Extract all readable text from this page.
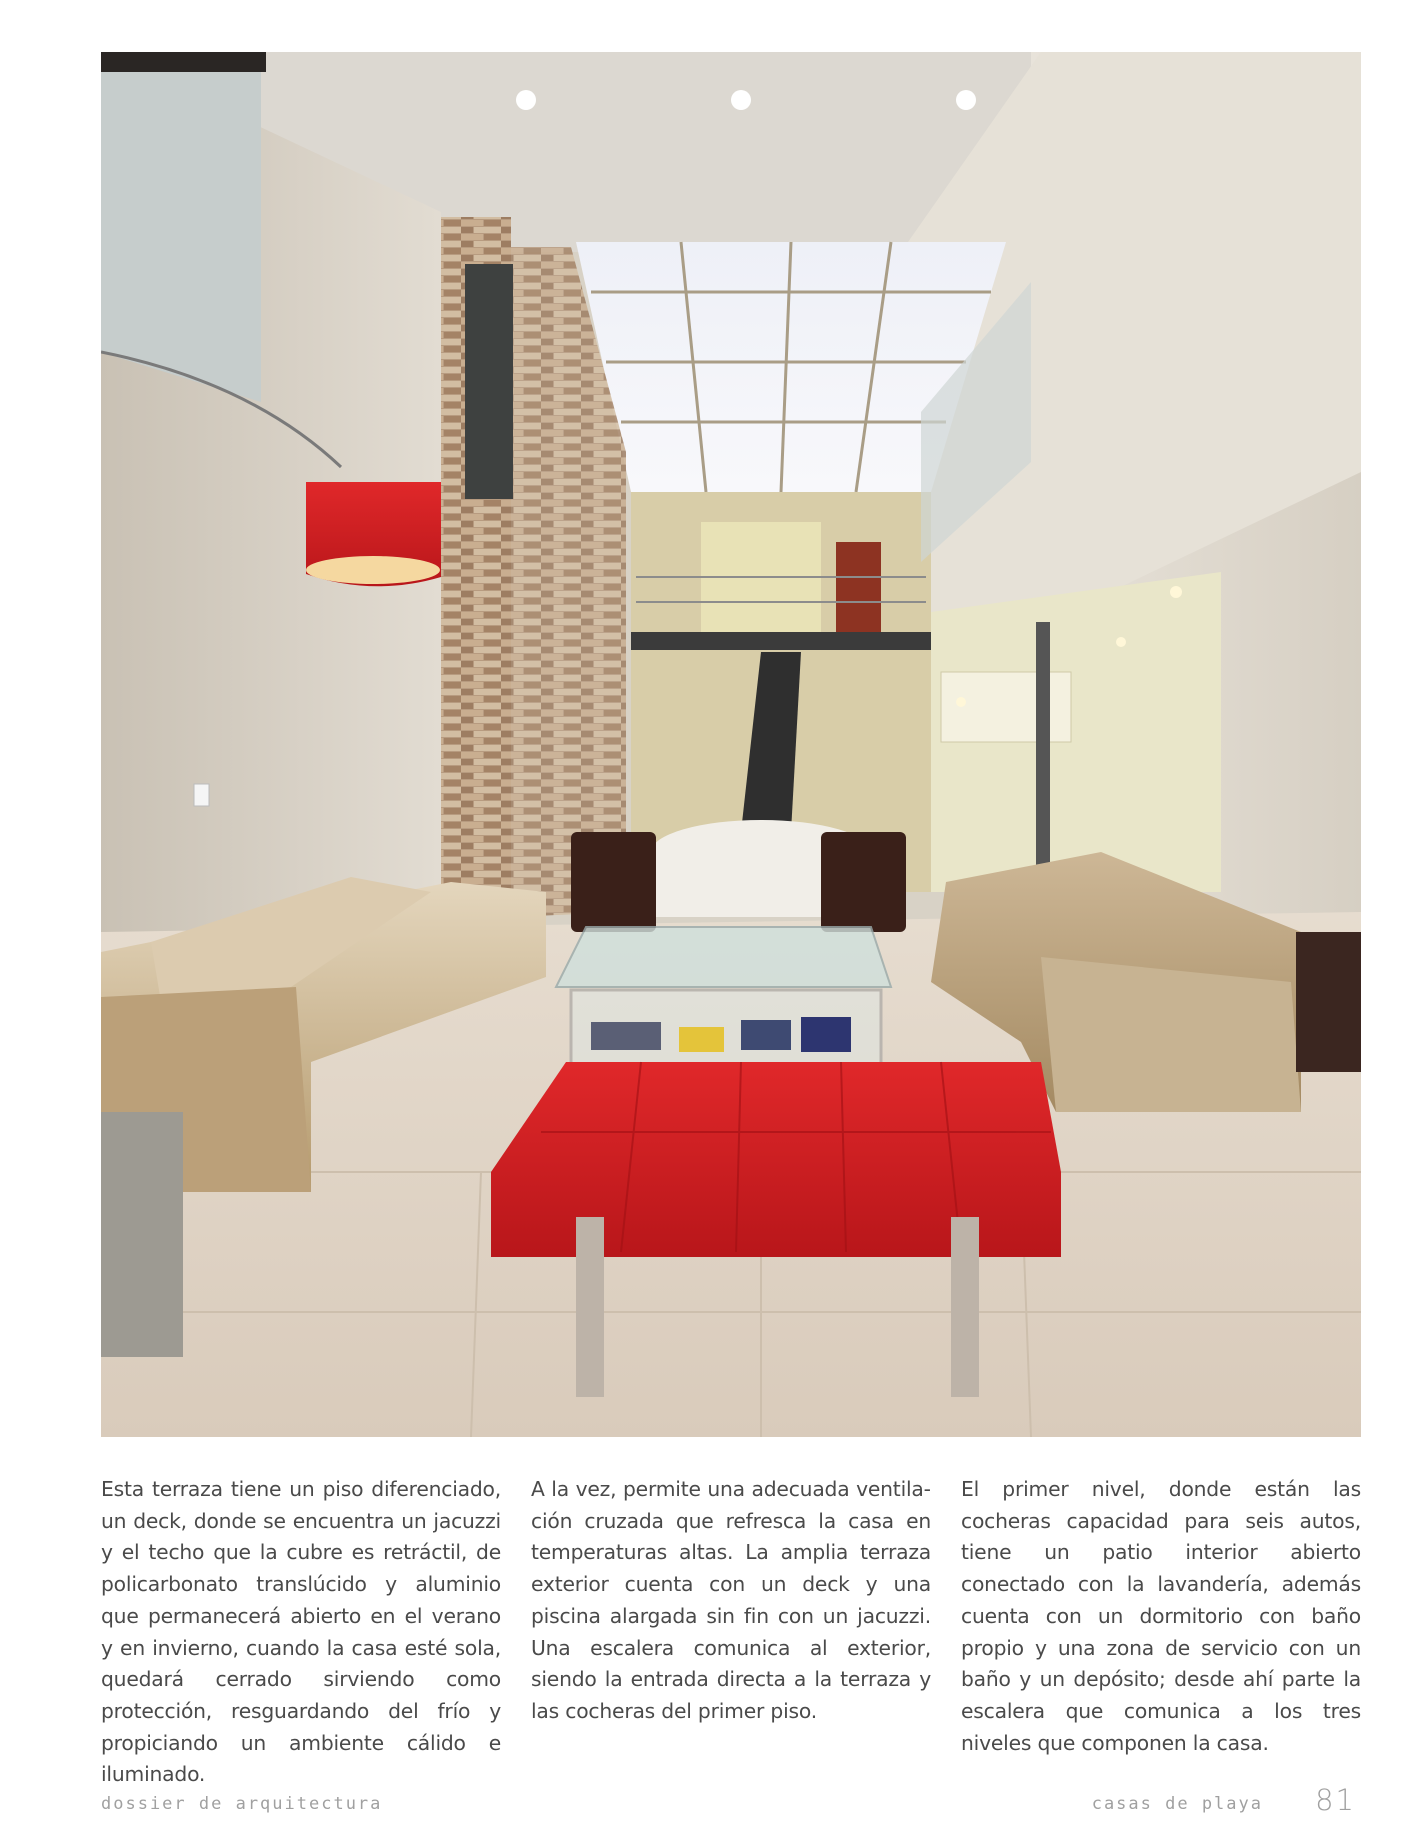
Esta terraza tiene un piso diferenciado, un deck, donde se encuentra un jacuzzi y el techo que la cubre es retráctil, de policarbonato translúcido y aluminio que permanecerá abierto en el verano y en invierno, cuando la casa esté sola, quedará cerrado sirviendo como protección, resguardando del frío y propiciando un ambiente cálido e iluminado.
A la vez, permite una adecuada ventilación cruzada que refresca la casa en temperaturas altas. La amplia terraza exterior cuenta con un deck y una piscina alargada sin fin con un jacuzzi. Una escalera comunica al exterior, siendo la entrada directa a la terraza y las cocheras del primer piso.
El primer nivel, donde están las cocheras capacidad para seis autos, tiene un patio interior abierto conectado con la lavandería, además cuenta con un dormitorio con baño propio y una zona de servicio con un baño y un depósito; desde ahí parte la escalera que comunica a los tres niveles que componen la casa.
dossier de arquitectura	casas de playa 81
